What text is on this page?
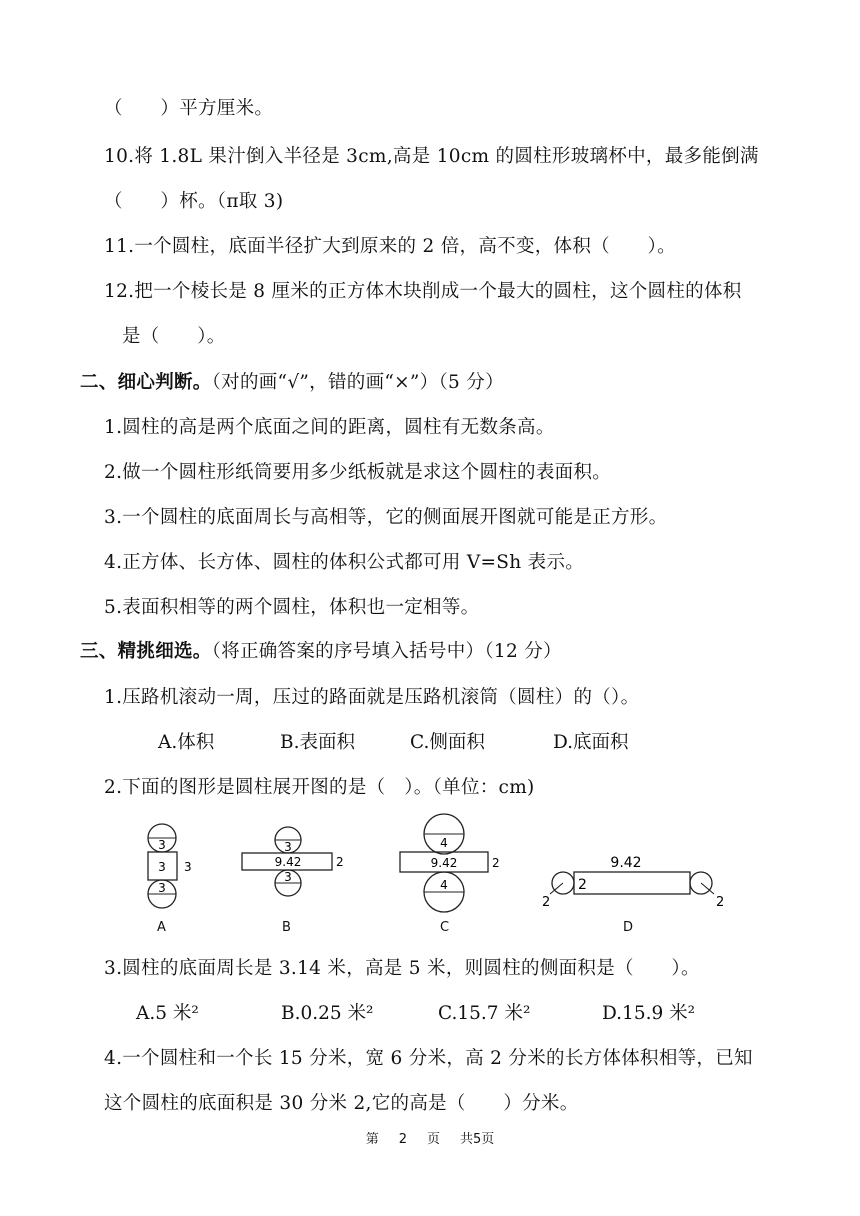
（　　）平方厘米。
10.将 1.8L 果汁倒入半径是 3cm,高是 10cm 的圆柱形玻璃杯中，最多能倒满
（　　）杯。（π取 3)
11.一个圆柱，底面半径扩大到原来的 2 倍，高不变，体积（　　）。
12.把一个棱长是 8 厘米的正方体木块削成一个最大的圆柱，这个圆柱的体积
是（　　）。
二、细心判断。（对的画“√”，错的画“×”）（5 分）
1.圆柱的高是两个底面之间的距离，圆柱有无数条高。
2.做一个圆柱形纸筒要用多少纸板就是求这个圆柱的表面积。
3.一个圆柱的底面周长与高相等，它的侧面展开图就可能是正方形。
4.正方体、长方体、圆柱的体积公式都可用 V=Sh 表示。
5.表面积相等的两个圆柱，体积也一定相等。
三、精挑细选。（将正确答案的序号填入括号中）（12 分）
1.压路机滚动一周，压过的路面就是压路机滚筒（圆柱）的（）。
A.体积	B.表面积	C.侧面积	D.底面积
2.下面的图形是圆柱展开图的是（　）。（单位：cm)
3
3 3
3
A
3
9.42	2
3
B
4
9.42	2
4
C
9.42
2
2	2
D
3.圆柱的底面周长是 3.14 米，高是 5 米，则圆柱的侧面积是（　　）。
A.5 米²	B.0.25 米²	C.15.7 米²	D.15.9 米²
4.一个圆柱和一个长 15 分米，宽 6 分米，高 2 分米的长方体体积相等，已知
这个圆柱的底面积是 30 分米 2,它的高是（　　）分米。
第 2 页 共5页
